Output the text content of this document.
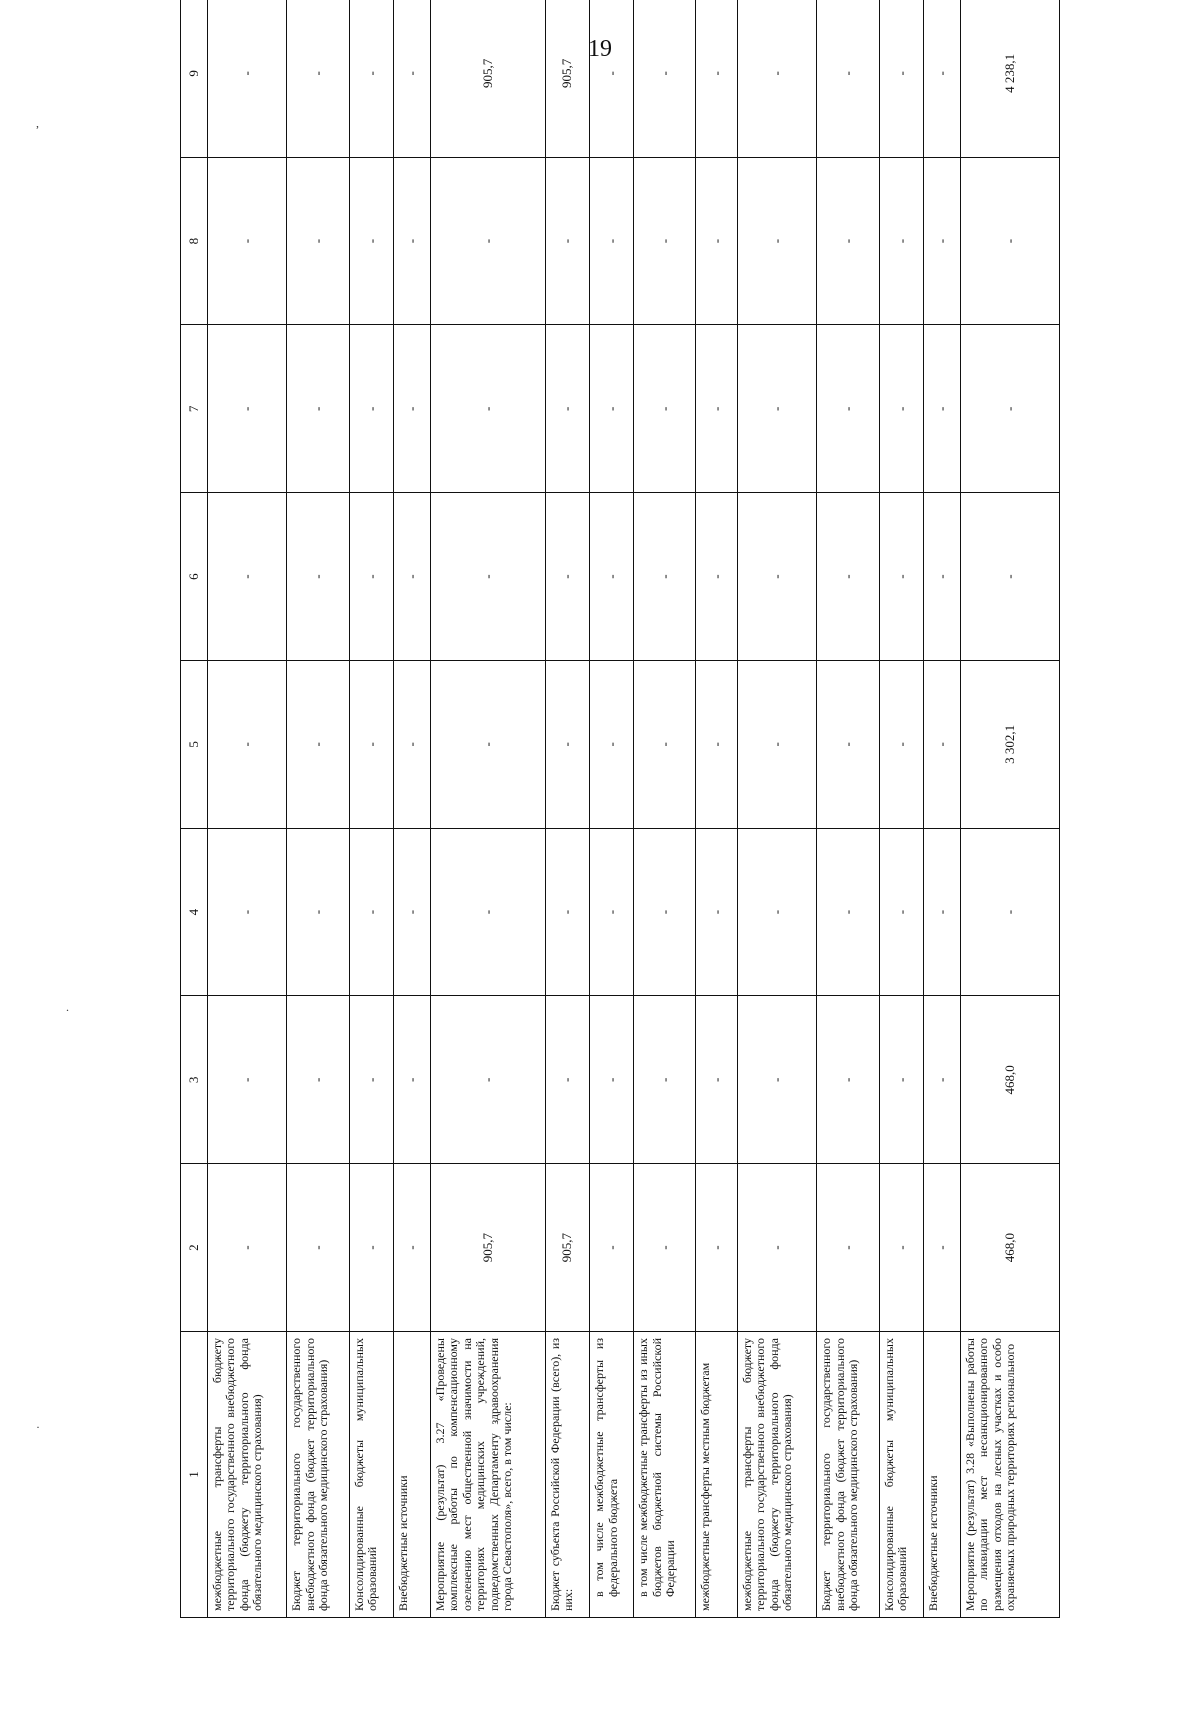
19
,
.
·
1	2	3	4	5	6	7	8	9
межбюджетные трансферты бюджету территориального государственного внебюджетного фонда (бюджету территориального фонда обязательного медицинского страхования)	-	-	-	-	-	-	-	-
Бюджет территориального государственного внебюджетного фонда (бюджет территориального фонда обязательного медицинского страхования)	-	-	-	-	-	-	-	-
Консолидированные бюджеты муниципальных образований	-	-	-	-	-	-	-	-
Внебюджетные источники	-	-	-	-	-	-	-	-
Мероприятие (результат) 3.27 «Проведены комплексные работы по компенсационному озеленению мест общественной значимости на территориях медицинских учреждений, подведомственных Департаменту здравоохранения города Севастополя», всего, в том числе:	905,7	-	-	-	-	-	-	905,7
Бюджет субъекта Российской Федерации (всего), из них:	905,7	-	-	-	-	-	-	905,7
в том числе межбюджетные трансферты из федерального бюджета	-	-	-	-	-	-	-	-
в том числе межбюджетные трансферты из иных бюджетов бюджетной системы Российской Федерации	-	-	-	-	-	-	-	-
межбюджетные трансферты местным бюджетам	-	-	-	-	-	-	-	-
межбюджетные трансферты бюджету территориального государственного внебюджетного фонда (бюджету территориального фонда обязательного медицинского страхования)	-	-	-	-	-	-	-	-
Бюджет территориального государственного внебюджетного фонда (бюджет территориального фонда обязательного медицинского страхования)	-	-	-	-	-	-	-	-
Консолидированные бюджеты муниципальных образований	-	-	-	-	-	-	-	-
Внебюджетные источники	-	-	-	-	-	-	-	-
Мероприятие (результат) 3.28 «Выполнены работы по ликвидации мест несанкционированного размещения отходов на лесных участках и особо охраняемых природных территориях регионального	468,0	468,0	-	3 302,1	-	-	-	4 238,1
